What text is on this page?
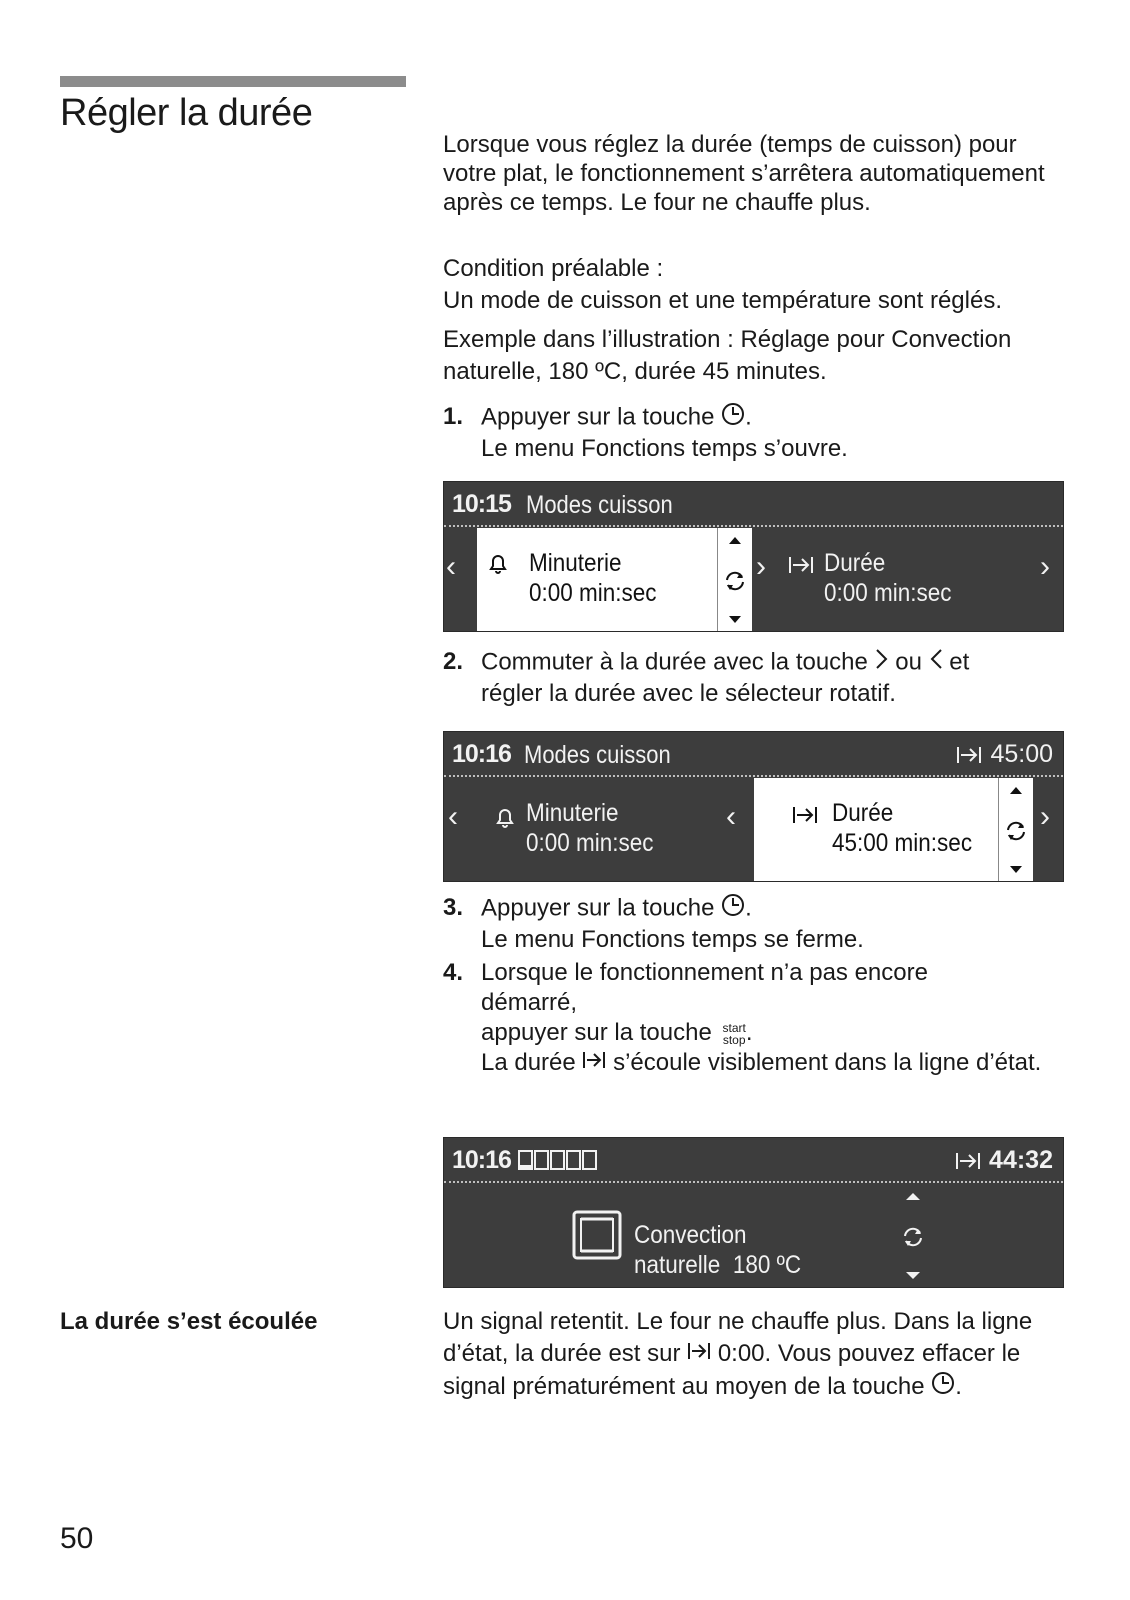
Régler la durée

Lorsque vous réglez la durée (temps de cuisson) pour votre plat, le fonctionnement s’arrêtera automatiquement après ce temps. Le four ne chauffe plus.

Condition préalable :

Un mode de cuisson et une température sont réglés.

Exemple dans l’illustration : Réglage pour Convection naturelle, 180 ºC, durée 45 minutes.

1. Appuyer sur la touche .
Le menu Fonctions temps s’ouvre.
10:15 Modes cuisson
‹	Minuterie
0:00 min:sec
› Durée
0:00 min:sec
›
2. Commuter à la durée avec la touche ou et
régler la durée avec le sélecteur rotatif.
10:16 Modes cuisson	45:00
‹	Minuterie
0:00 min:sec
‹	Durée
45:00 min:sec
›
3. Appuyer sur la touche .
Le menu Fonctions temps se ferme.
4. Lorsque le fonctionnement n’a pas encore démarré,
appuyer sur la touche start
stop.
La durée s’écoule visiblement dans la ligne d’état.
10:16	44:32
Convection
naturelle 180 ºC
La durée s’est écoulée	Un signal retentit. Le four ne chauffe plus. Dans la ligne d’état, la durée est sur 0:00. Vous pouvez effacer le signal prématurément au moyen de la touche .
50
